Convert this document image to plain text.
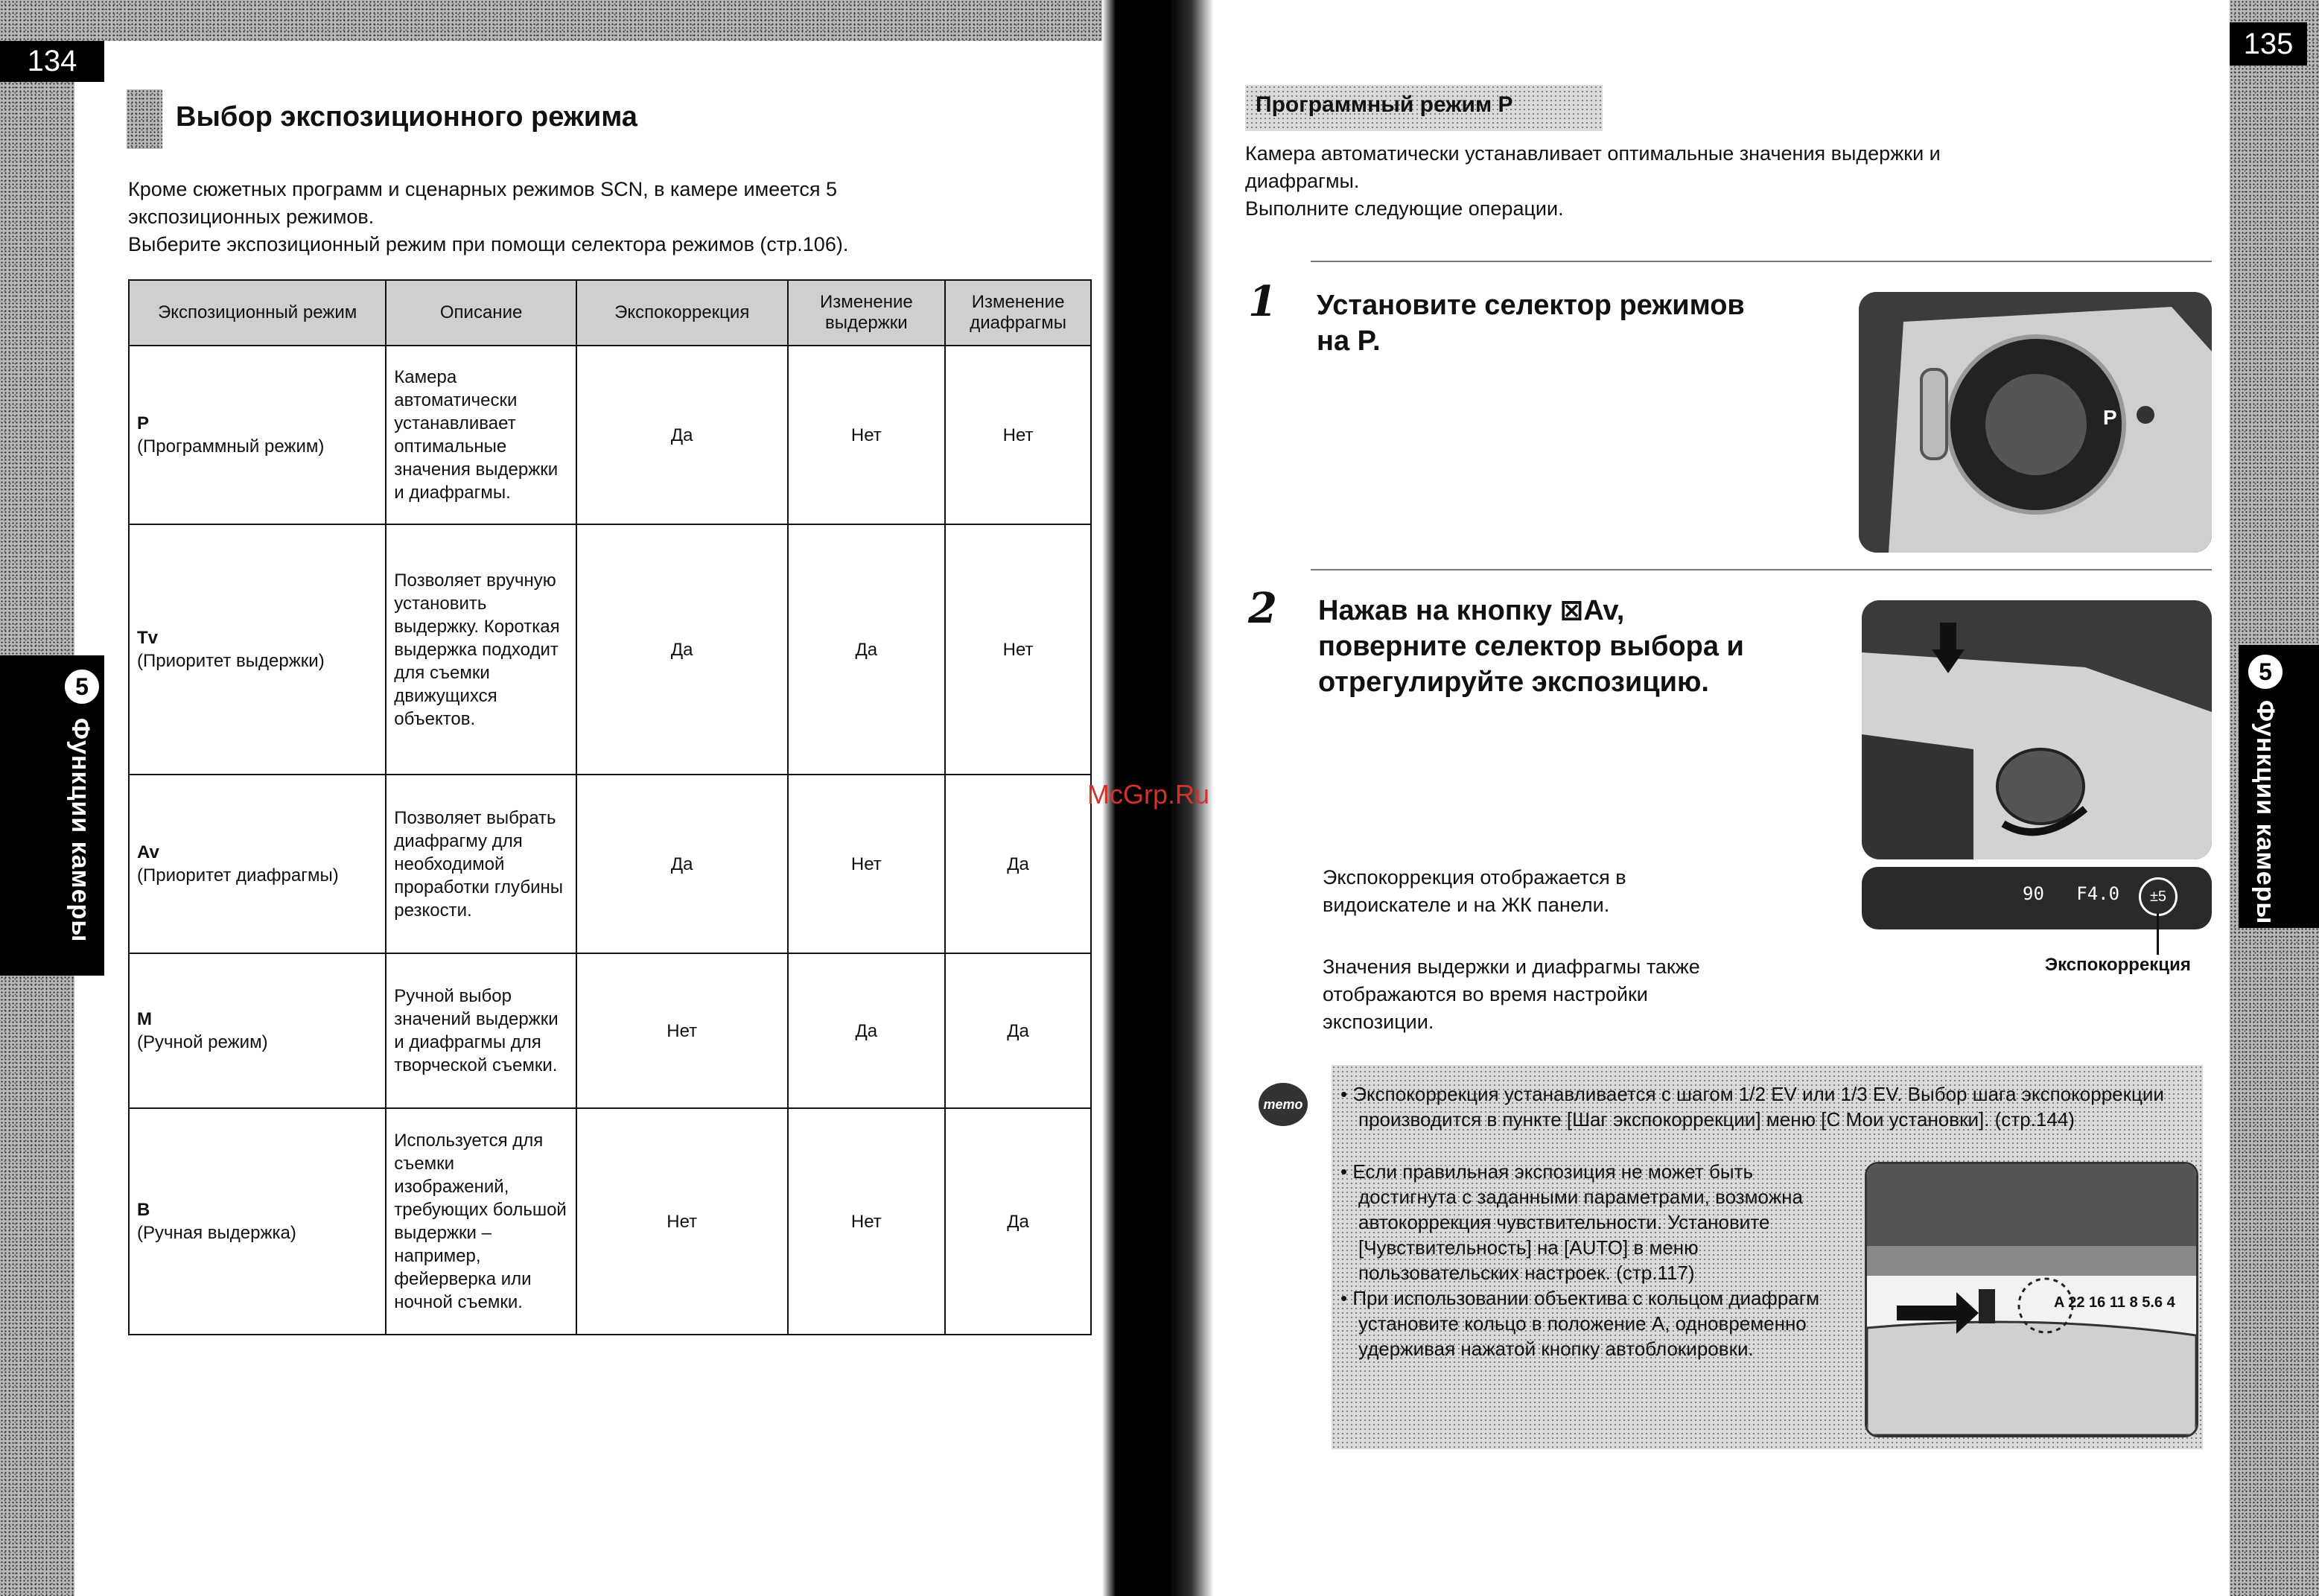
134
Выбор экспозиционного режима
Кроме сюжетных программ и сценарных режимов SCN, в камере имеется 5
экспозиционных режимов.
Выберите экспозиционный режим при помощи селектора режимов (стр.106).
Экспозиционный режим	Описание	Экспокоррекция	Изменение выдержки	Изменение диафрагмы

P
(Программный режим)	Камера автоматически устанавливает оптимальные значения выдержки и диафрагмы.	Да	Нет	Нет

Tv
(Приоритет выдержки)	Позволяет вручную установить выдержку. Короткая выдержка подходит для съемки движущихся объектов.	Да	Да	Нет

Av
(Приоритет диафрагмы)	Позволяет выбрать диафрагму для необходимой проработки глубины резкости.	Да	Нет	Да

M
(Ручной режим)	Ручной выбор значений выдержки и диафрагмы для творческой съемки.	Нет	Да	Да

B
(Ручная выдержка)	Используется для съемки изображений, требующих большой выдержки – например, фейерверка или ночной съемки.	Нет	Нет	Да
5
Функции камеры	McGrp.Ru
135
Программный режим P
Камера автоматически устанавливает оптимальные значения выдержки и
диафрагмы.
Выполните следующие операции.
1 Установите селектор режимов
на P.
P
2 Нажав на кнопку ⊠Av,
поверните селектор выбора и
отрегулируйте экспозицию.
90   F4.0	±5
Экспокоррекция
Экспокоррекция отображается в
видоискателе и на ЖК панели.
Значения выдержки и диафрагмы также
отображаются во время настройки
экспозиции.
memo • Экспокоррекция устанавливается с шагом 1/2 EV или 1/3 EV. Выбор шага экспокоррекции производится в пункте [Шаг экспокоррекции] меню [C Мои установки]. (стр.144)
• Если правильная экспозиция не может быть достигнута с заданными параметрами, возможна автокоррекция чувствительности. Установите [Чувствительность] на [AUTO] в меню пользовательских настроек. (стр.117)
• При использовании объектива с кольцом диафрагм установите кольцо в положение A, одновременно удерживая нажатой кнопку автоблокировки.
A 22 16 11 8 5.6 4
5
Функции камеры
